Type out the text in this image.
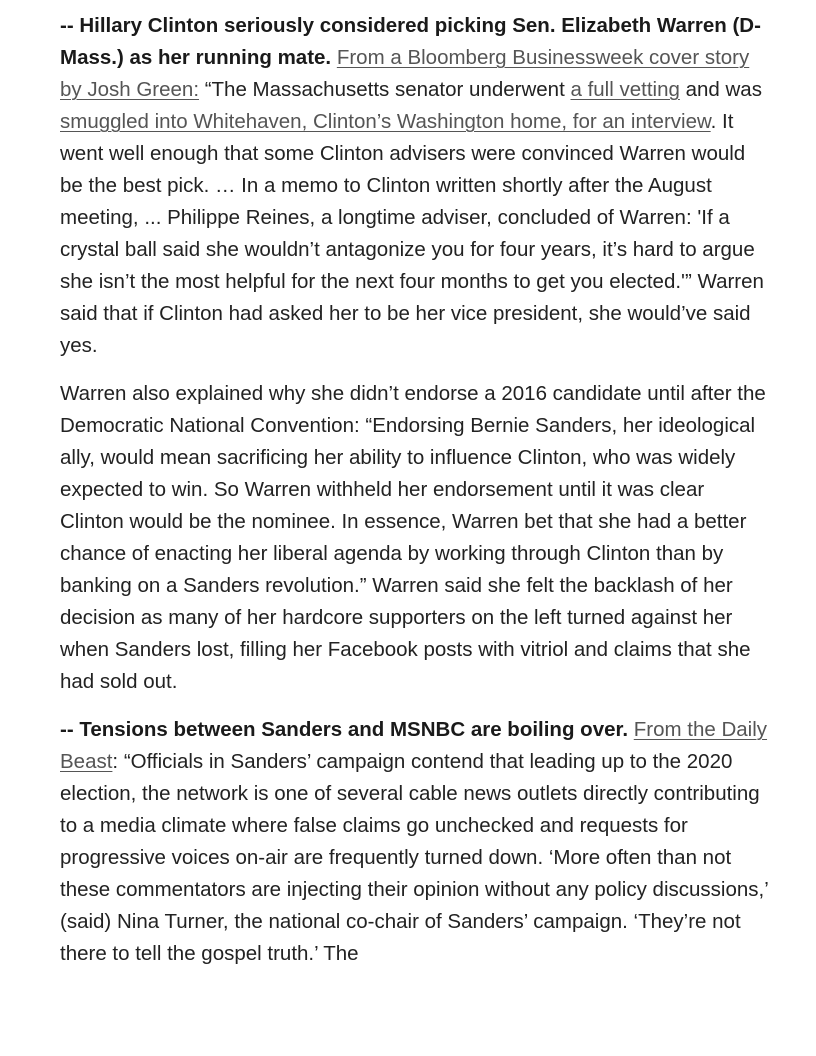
-- Hillary Clinton seriously considered picking Sen. Elizabeth Warren (D-Mass.) as her running mate. From a Bloomberg Businessweek cover story by Josh Green: “The Massachusetts senator underwent a full vetting and was smuggled into Whitehaven, Clinton’s Washington home, for an interview. It went well enough that some Clinton advisers were convinced Warren would be the best pick. … In a memo to Clinton written shortly after the August meeting, ... Philippe Reines, a longtime adviser, concluded of Warren: 'If a crystal ball said she wouldn’t antagonize you for four years, it’s hard to argue she isn’t the most helpful for the next four months to get you elected.'” Warren said that if Clinton had asked her to be her vice president, she would’ve said yes.

Warren also explained why she didn’t endorse a 2016 candidate until after the Democratic National Convention: “Endorsing Bernie Sanders, her ideological ally, would mean sacrificing her ability to influence Clinton, who was widely expected to win. So Warren withheld her endorsement until it was clear Clinton would be the nominee. In essence, Warren bet that she had a better chance of enacting her liberal agenda by working through Clinton than by banking on a Sanders revolution.” Warren said she felt the backlash of her decision as many of her hardcore supporters on the left turned against her when Sanders lost, filling her Facebook posts with vitriol and claims that she had sold out.

-- Tensions between Sanders and MSNBC are boiling over. From the Daily Beast: “Officials in Sanders’ campaign contend that leading up to the 2020 election, the network is one of several cable news outlets directly contributing to a media climate where false claims go unchecked and requests for progressive voices on-air are frequently turned down. ‘More often than not these commentators are injecting their opinion without any policy discussions,’ (said) Nina Turner, the national co-chair of Sanders’ campaign. ‘They’re not there to tell the gospel truth.’ The
